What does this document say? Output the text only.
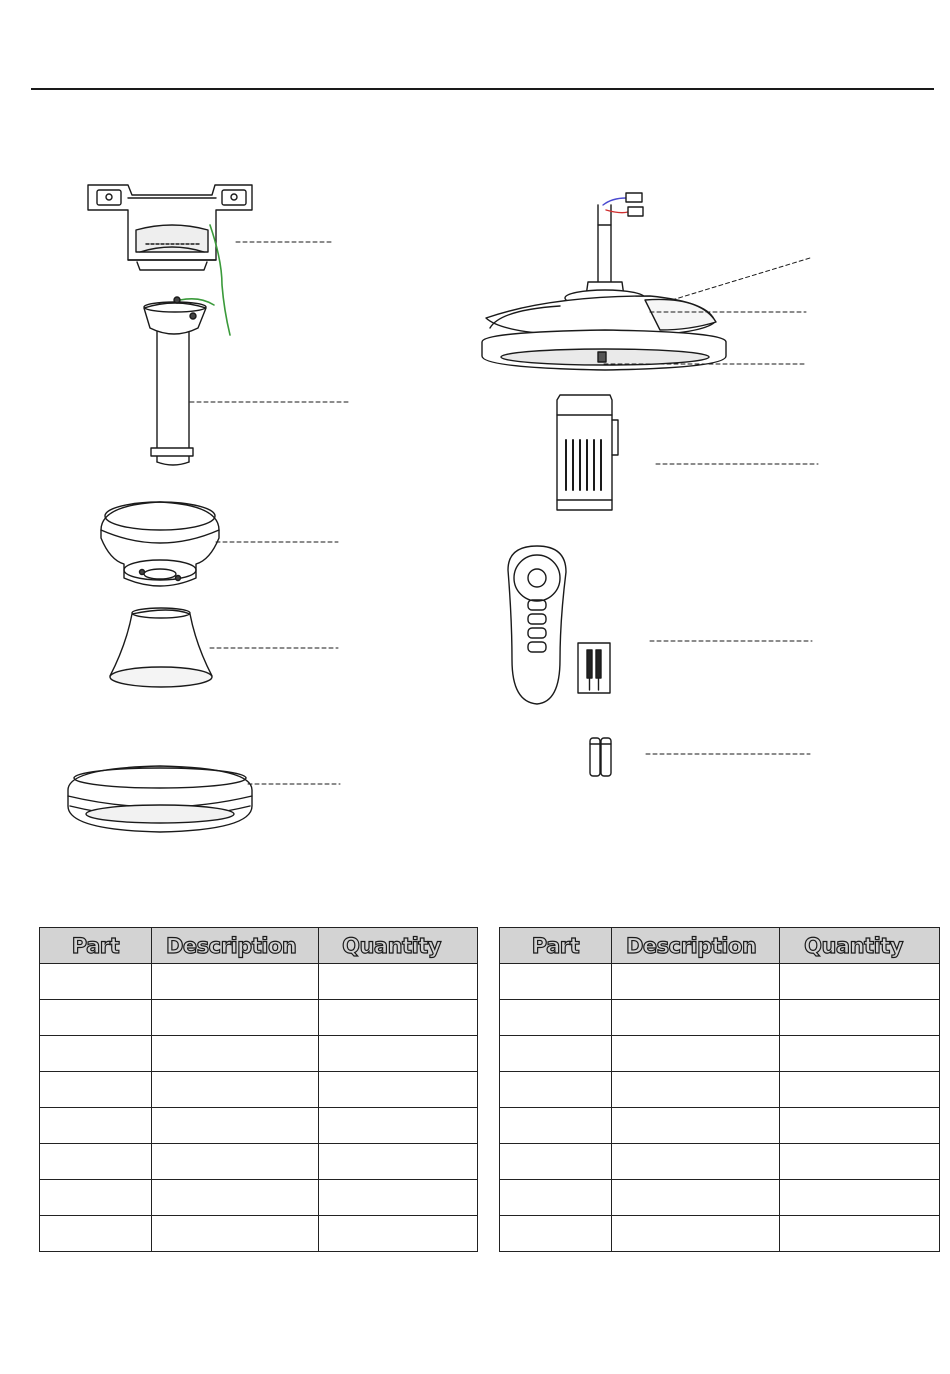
Part	Description	Quantity

			Part	Description	Quantity
